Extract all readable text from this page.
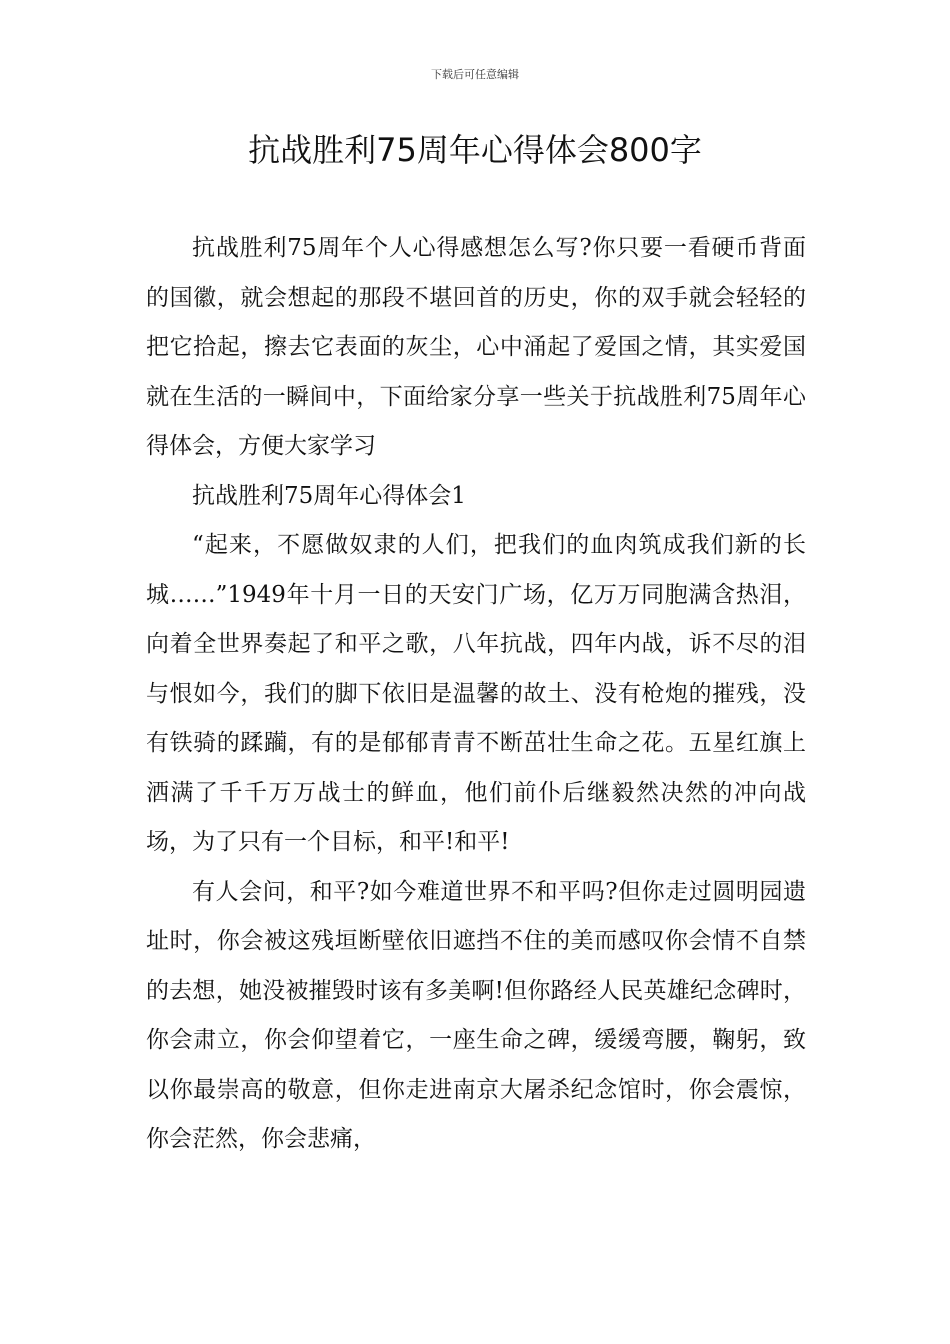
下载后可任意编辑
抗战胜利75周年心得体会800字

抗战胜利75周年个人心得感想怎么写?你只要一看硬币背面的国徽，就会想起的那段不堪回首的历史，你的双手就会轻轻的把它拾起，擦去它表面的灰尘，心中涌起了爱国之情，其实爱国就在生活的一瞬间中，下面给家分享一些关于抗战胜利75周年心得体会，方便大家学习

抗战胜利75周年心得体会1

“起来，不愿做奴隶的人们，把我们的血肉筑成我们新的长城……”1949年十月一日的天安门广场，亿万万同胞满含热泪，向着全世界奏起了和平之歌，八年抗战，四年内战，诉不尽的泪与恨如今，我们的脚下依旧是温馨的故土、没有枪炮的摧残，没有铁骑的蹂躏，有的是郁郁青青不断茁壮生命之花。五星红旗上洒满了千千万万战士的鲜血，他们前仆后继毅然决然的冲向战场，为了只有一个目标，和平!和平!

有人会问，和平?如今难道世界不和平吗?但你走过圆明园遗址时，你会被这残垣断壁依旧遮挡不住的美而感叹你会情不自禁的去想，她没被摧毁时该有多美啊!但你路经人民英雄纪念碑时，你会肃立，你会仰望着它，一座生命之碑，缓缓弯腰，鞠躬，致以你最崇高的敬意，但你走进南京大屠杀纪念馆时，你会震惊，你会茫然，你会悲痛，
